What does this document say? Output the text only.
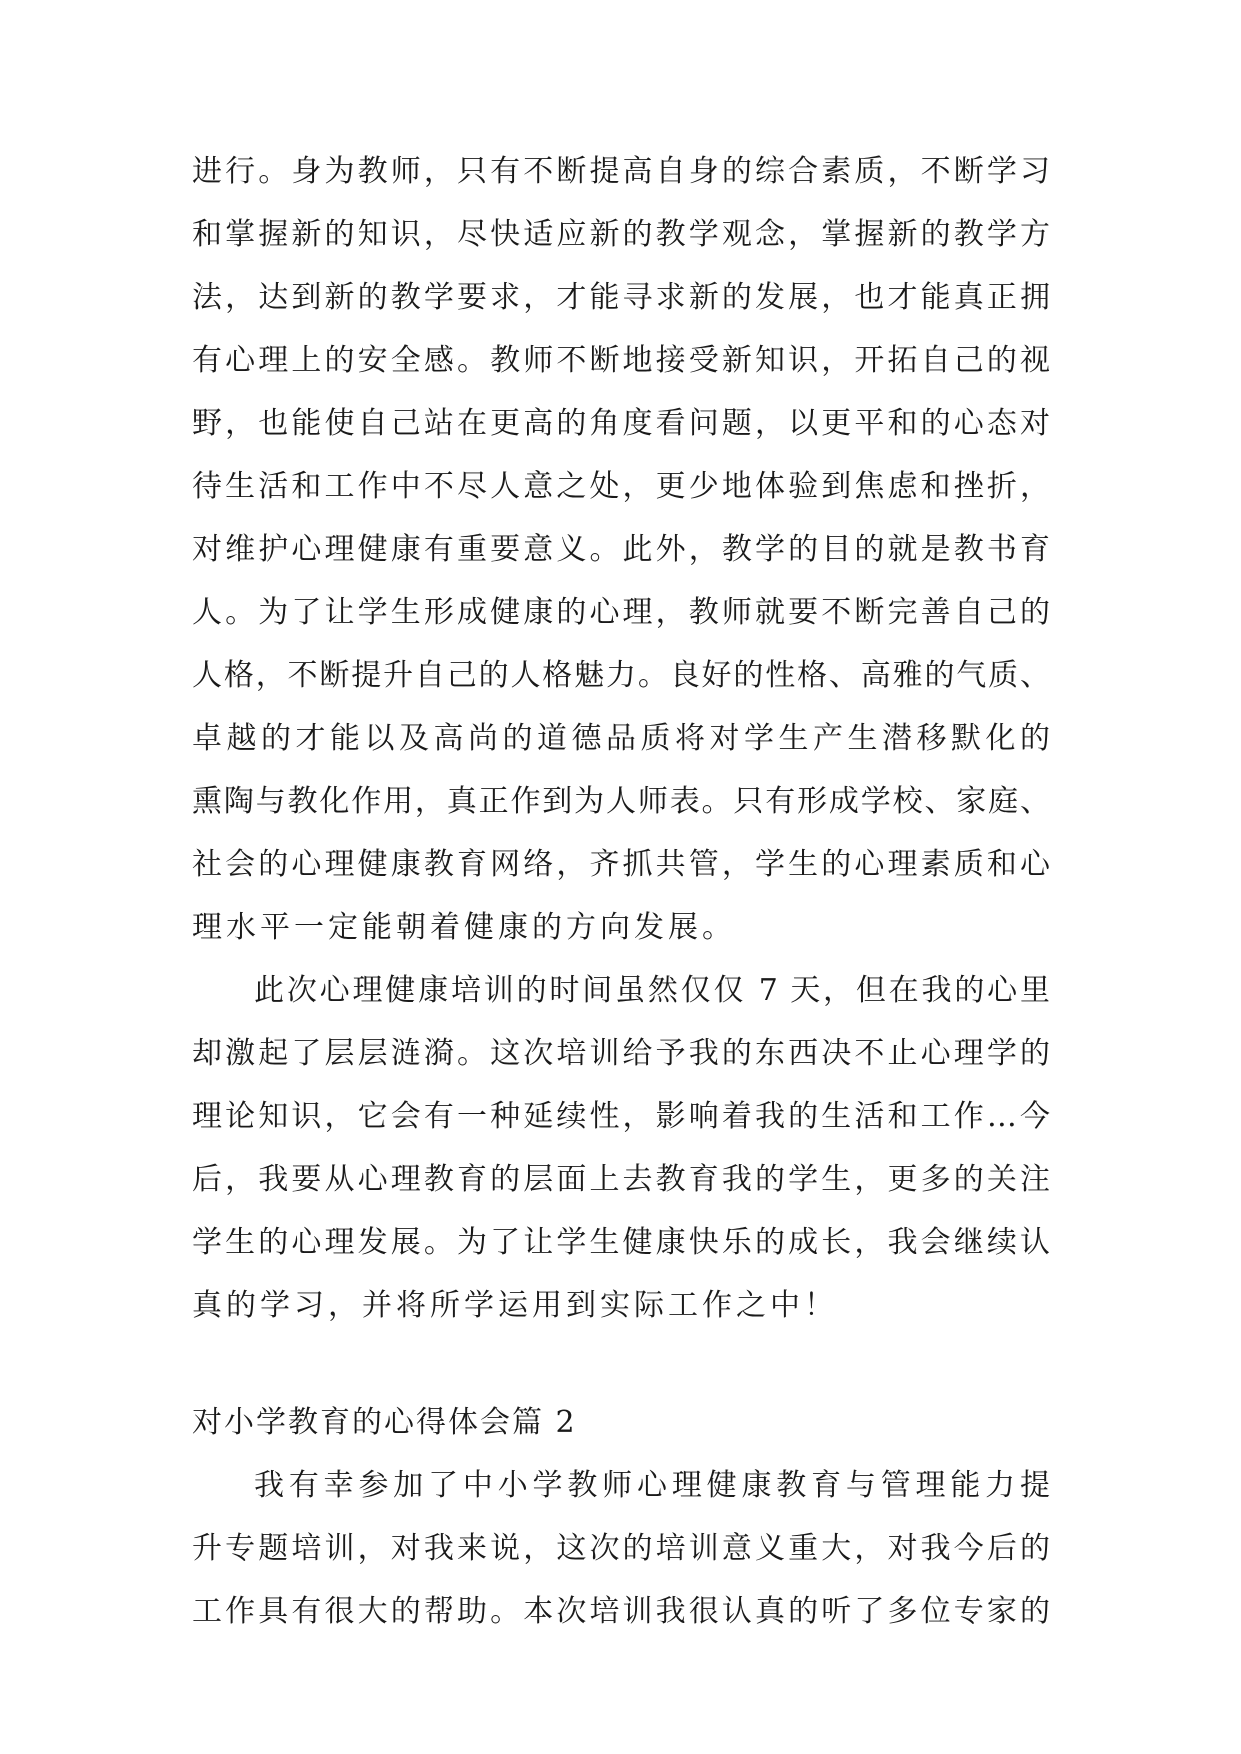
进行。身为教师，只有不断提高自身的综合素质，不断学习
和掌握新的知识，尽快适应新的教学观念，掌握新的教学方
法，达到新的教学要求，才能寻求新的发展，也才能真正拥
有心理上的安全感。教师不断地接受新知识，开拓自己的视
野，也能使自己站在更高的角度看问题，以更平和的心态对
待生活和工作中不尽人意之处，更少地体验到焦虑和挫折，
对维护心理健康有重要意义。此外，教学的目的就是教书育
人。为了让学生形成健康的心理，教师就要不断完善自己的
人格，不断提升自己的人格魅力。良好的性格、高雅的气质、
卓越的才能以及高尚的道德品质将对学生产生潜移默化的
熏陶与教化作用，真正作到为人师表。只有形成学校、家庭、
社会的心理健康教育网络，齐抓共管，学生的心理素质和心
理水平一定能朝着健康的方向发展。
此次心理健康培训的时间虽然仅仅 7 天，但在我的心里
却激起了层层涟漪。这次培训给予我的东西决不止心理学的
理论知识，它会有一种延续性，影响着我的生活和工作…今
后，我要从心理教育的层面上去教育我的学生，更多的关注
学生的心理发展。为了让学生健康快乐的成长，我会继续认
真的学习，并将所学运用到实际工作之中！
对小学教育的心得体会篇 2
我有幸参加了中小学教师心理健康教育与管理能力提
升专题培训，对我来说，这次的培训意义重大，对我今后的
工作具有很大的帮助。本次培训我很认真的听了多位专家的
